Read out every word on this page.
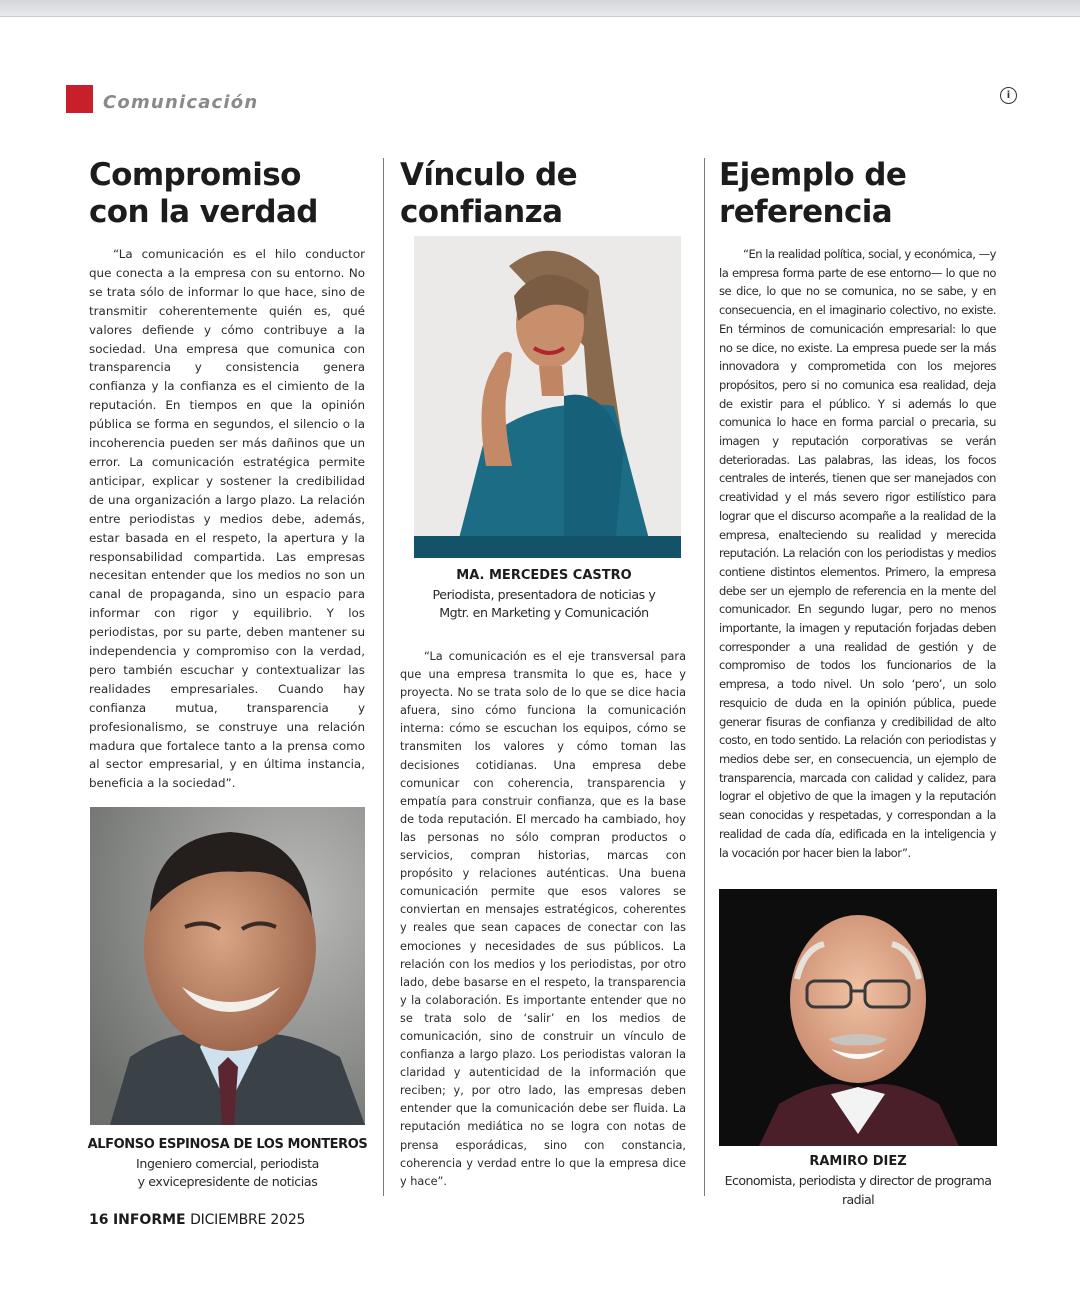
Comunicación	i
Compromiso
con la verdad

“La comunicación es el hilo conductor que conecta a la empresa con su entorno. No se trata sólo de informar lo que hace, sino de transmitir coherentemente quién es, qué valores defiende y cómo contribuye a la sociedad. Una empresa que comunica con transparencia y consistencia genera confianza y la confianza es el cimiento de la reputación. En tiempos en que la opinión pública se forma en segundos, el silencio o la incoherencia pueden ser más dañinos que un error. La comunicación estratégica permite anticipar, explicar y sostener la credibilidad de una organización a largo plazo. La relación entre periodistas y medios debe, además, estar basada en el respeto, la apertura y la responsabilidad compartida. Las empresas necesitan entender que los medios no son un canal de propaganda, sino un espacio para informar con rigor y equilibrio. Y los periodistas, por su parte, deben mantener su independencia y compromiso con la verdad, pero también escuchar y contextualizar las realidades empresariales. Cuando hay confianza mutua, transparencia y profesionalismo, se construye una relación madura que fortalece tanto a la prensa como al sector empresarial, y en última instancia, beneficia a la sociedad”.

ALFONSO ESPINOSA DE LOS MONTEROS

Ingeniero comercial, periodista

y exvicepresidente de noticias

Vínculo de
confianza

MA. MERCEDES CASTRO

Periodista, presentadora de noticias y

Mgtr. en Marketing y Comunicación

“La comunicación es el eje transversal para que una empresa transmita lo que es, hace y proyecta. No se trata solo de lo que se dice hacia afuera, sino cómo funciona la comunicación interna: cómo se escuchan los equipos, cómo se transmiten los valores y cómo toman las decisiones cotidianas. Una empresa debe comunicar con coherencia, transparencia y empatía para construir confianza, que es la base de toda reputación. El mercado ha cambiado, hoy las personas no sólo compran productos o servicios, compran historias, marcas con propósito y relaciones auténticas. Una buena comunicación permite que esos valores se conviertan en mensajes estratégicos, coherentes y reales que sean capaces de conectar con las emociones y necesidades de sus públicos. La relación con los medios y los periodistas, por otro lado, debe basarse en el respeto, la transparencia y la colaboración. Es importante entender que no se trata solo de ‘salir’ en los medios de comunicación, sino de construir un vínculo de confianza a largo plazo. Los periodistas valoran la claridad y autenticidad de la información que reciben; y, por otro lado, las empresas deben entender que la comunicación debe ser fluida. La reputación mediática no se logra con notas de prensa esporádicas, sino con constancia, coherencia y verdad entre lo que la empresa dice y hace”.

Ejemplo de
referencia

“En la realidad política, social, y económica, —y la empresa forma parte de ese entorno— lo que no se dice, lo que no se comunica, no se sabe, y en consecuencia, en el imaginario colectivo, no existe. En términos de comunicación empresarial: lo que no se dice, no existe. La empresa puede ser la más innovadora y comprometida con los mejores propósitos, pero si no comunica esa realidad, deja de existir para el público. Y si además lo que comunica lo hace en forma parcial o precaria, su imagen y reputación corporativas se verán deterioradas. Las palabras, las ideas, los focos centrales de interés, tienen que ser manejados con creatividad y el más severo rigor estilístico para lograr que el discurso acompañe a la realidad de la empresa, enalteciendo su realidad y merecida reputación. La relación con los periodistas y medios contiene distintos elementos. Primero, la empresa debe ser un ejemplo de referencia en la mente del comunicador. En segundo lugar, pero no menos importante, la imagen y reputación forjadas deben corresponder a una realidad de gestión y de compromiso de todos los funcionarios de la empresa, a todo nivel. Un solo ‘pero’, un solo resquicio de duda en la opinión pública, puede generar fisuras de confianza y credibilidad de alto costo, en todo sentido. La relación con periodistas y medios debe ser, en consecuencia, un ejemplo de transparencia, marcada con calidad y calidez, para lograr el objetivo de que la imagen y la reputación sean conocidas y respetadas, y correspondan a la realidad de cada día, edificada en la inteligencia y la vocación por hacer bien la labor”.

RAMIRO DIEZ

Economista, periodista y director de programa radial

16 INFORME DICIEMBRE 2025
